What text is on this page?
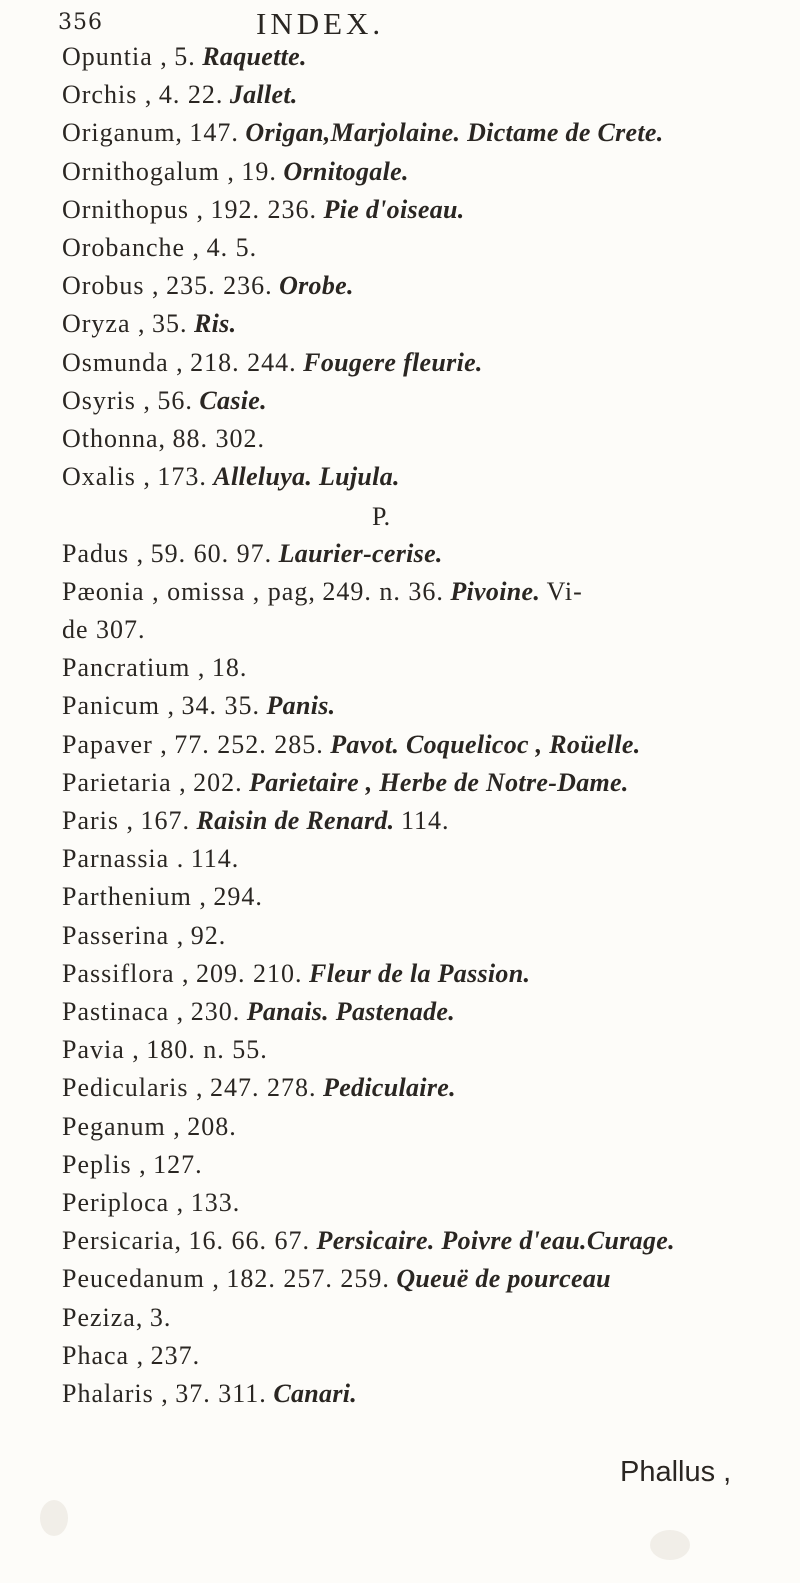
356	INDEX.
Opuntia , 5. Raquette.
Orchis , 4. 22. Jallet.
Origanum, 147. Origan,Marjolaine. Dictame de Crete.
Ornithogalum , 19. Ornitogale.
Ornithopus , 192. 236. Pie d'oiseau.
Orobanche , 4. 5.
Orobus , 235. 236. Orobe.
Oryza , 35. Ris.
Osmunda , 218. 244. Fougere fleurie.
Osyris , 56. Casie.
Othonna, 88. 302.
Oxalis , 173. Alleluya. Lujula.
P.
Padus , 59. 60. 97. Laurier-cerise.
Pæonia , omissa , pag, 249. n. 36. Pivoine. Vi-
de 307.
Pancratium , 18.
Panicum , 34. 35. Panis.
Papaver , 77. 252. 285. Pavot. Coquelicoc , Roüelle.
Parietaria , 202. Parietaire , Herbe de Notre-Dame.
Paris , 167. Raisin de Renard. 114.
Parnassia . 114.
Parthenium , 294.
Passerina , 92.
Passiflora , 209. 210. Fleur de la Passion.
Pastinaca , 230. Panais. Pastenade.
Pavia , 180. n. 55.
Pedicularis , 247. 278. Pediculaire.
Peganum , 208.
Peplis , 127.
Periploca , 133.
Persicaria, 16. 66. 67. Persicaire. Poivre d'eau.Curage.
Peucedanum , 182. 257. 259. Queuë de pourceau
Peziza, 3.
Phaca , 237.
Phalaris , 37. 311. Canari.
Phallus ,
